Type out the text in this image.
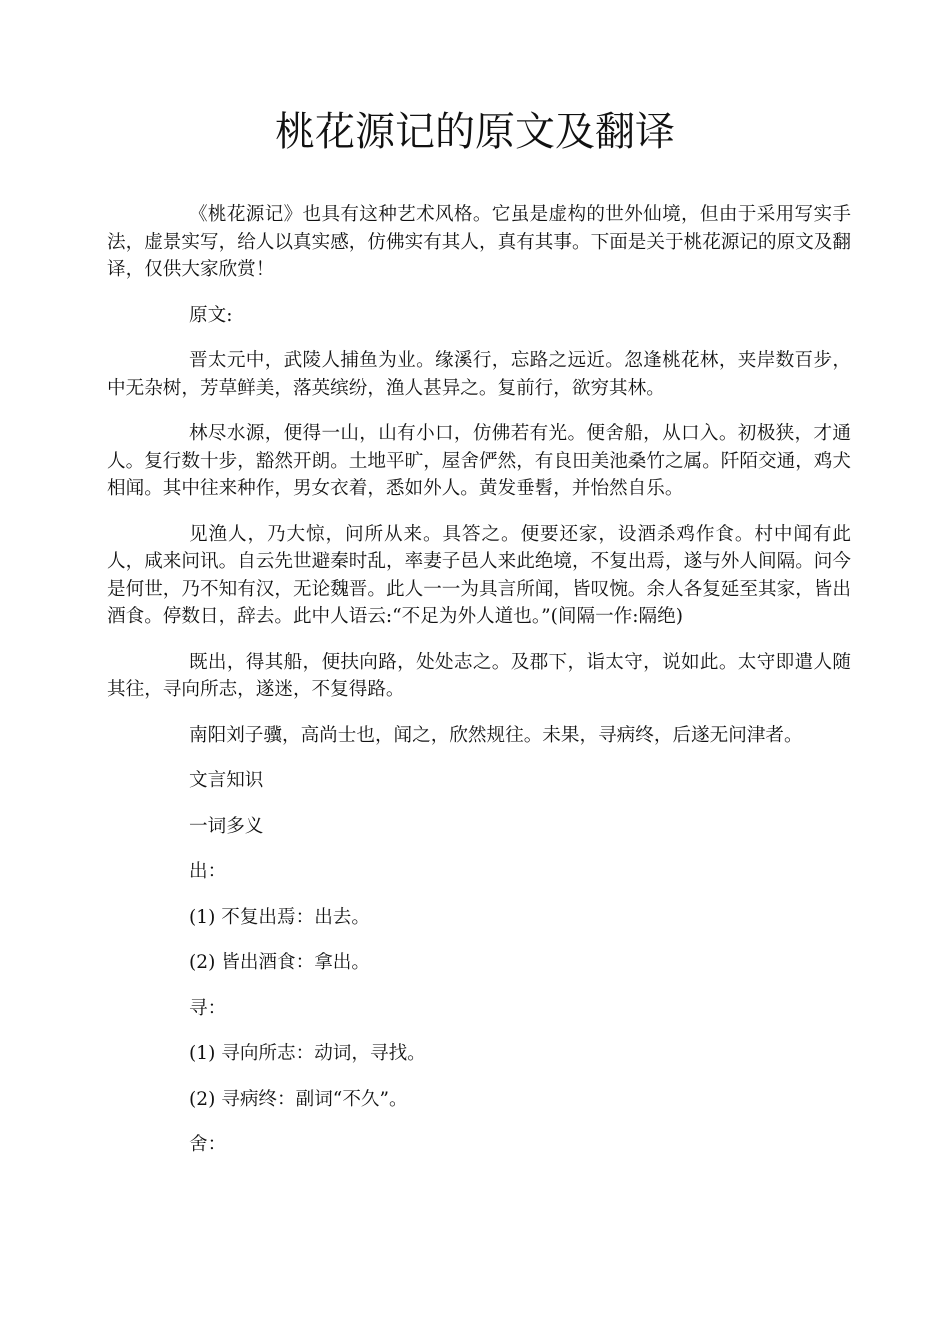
桃花源记的原文及翻译

《桃花源记》也具有这种艺术风格。它虽是虚构的世外仙境，但由于采用写实手法，虚景实写，给人以真实感，仿佛实有其人，真有其事。下面是关于桃花源记的原文及翻译，仅供大家欣赏！

原文:

晋太元中，武陵人捕鱼为业。缘溪行，忘路之远近。忽逢桃花林，夹岸数百步，中无杂树，芳草鲜美，落英缤纷，渔人甚异之。复前行，欲穷其林。

林尽水源，便得一山，山有小口，仿佛若有光。便舍船，从口入。初极狭，才通人。复行数十步，豁然开朗。土地平旷，屋舍俨然，有良田美池桑竹之属。阡陌交通，鸡犬相闻。其中往来种作，男女衣着，悉如外人。黄发垂髫，并怡然自乐。

见渔人，乃大惊，问所从来。具答之。便要还家，设酒杀鸡作食。村中闻有此人，咸来问讯。自云先世避秦时乱，率妻子邑人来此绝境，不复出焉，遂与外人间隔。问今是何世，乃不知有汉，无论魏晋。此人一一为具言所闻，皆叹惋。余人各复延至其家，皆出酒食。停数日，辞去。此中人语云:“不足为外人道也。”(间隔一作:隔绝)

既出，得其船，便扶向路，处处志之。及郡下，诣太守，说如此。太守即遣人随其往，寻向所志，遂迷，不复得路。

南阳刘子骥，高尚士也，闻之，欣然规往。未果，寻病终，后遂无问津者。

文言知识

一词多义

出：

(1) 不复出焉：出去。

(2) 皆出酒食：拿出。

寻：

(1) 寻向所志：动词，寻找。

(2) 寻病终：副词“不久”。

舍：
